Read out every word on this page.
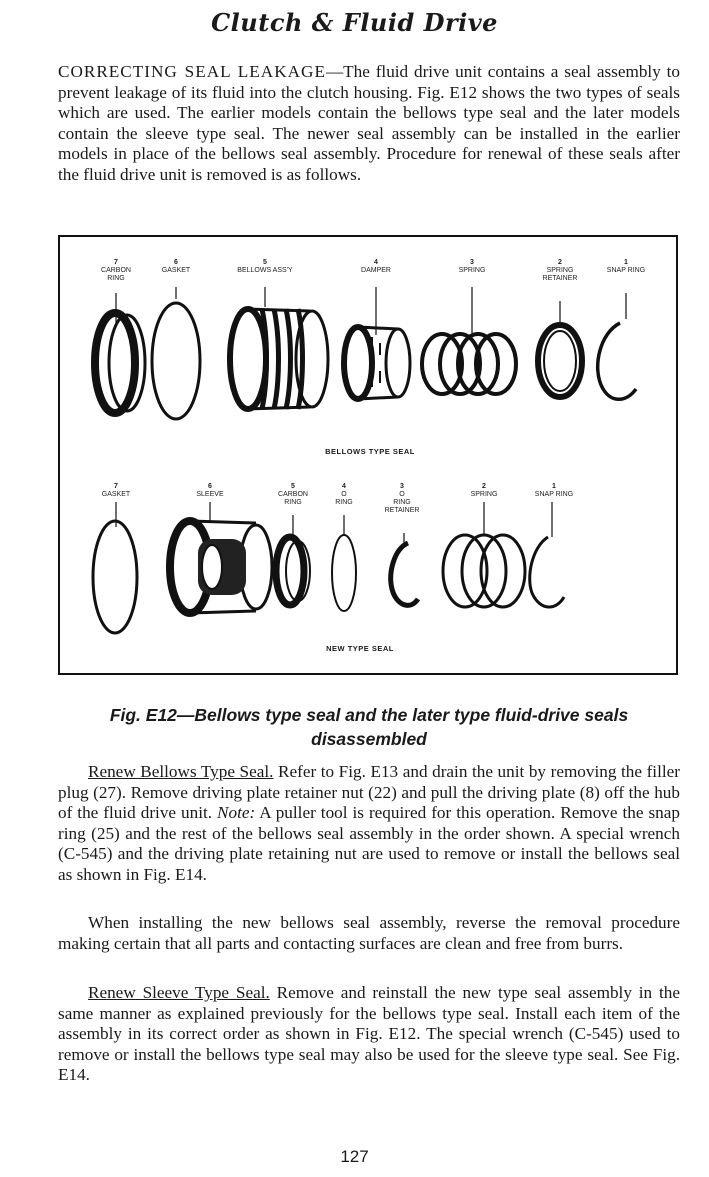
Clutch & Fluid Drive

CORRECTING SEAL LEAKAGE—The fluid drive unit contains a seal assembly to prevent leakage of its fluid into the clutch housing. Fig. E12 shows the two types of seals which are used. The earlier models contain the bellows type seal and the later models contain the sleeve type seal. The newer seal assembly can be installed in the earlier models in place of the bellows seal assembly. Procedure for renewal of these seals after the fluid drive unit is removed is as follows.

7
CARBON
RING
6
GASKET
5
BELLOWS ASS'Y
4
DAMPER
3
SPRING
2
SPRING
RETAINER
1
SNAP RING
BELLOWS TYPE SEAL
7
GASKET
6
SLEEVE
5
CARBON
RING
4
O
RING
3
O
RING
RETAINER
2
SPRING
1
SNAP RING
NEW TYPE SEAL
Fig. E12—Bellows type seal and the later type fluid-drive seals disassembled

Renew Bellows Type Seal. Refer to Fig. E13 and drain the unit by removing the filler plug (27). Remove driving plate retainer nut (22) and pull the driving plate (8) off the hub of the fluid drive unit. Note: A puller tool is required for this operation. Remove the snap ring (25) and the rest of the bellows seal assembly in the order shown. A special wrench (C-545) and the driving plate retaining nut are used to remove or install the bellows seal as shown in Fig. E14.

When installing the new bellows seal assembly, reverse the removal procedure making certain that all parts and contacting surfaces are clean and free from burrs.

Renew Sleeve Type Seal. Remove and reinstall the new type seal assembly in the same manner as explained previously for the bellows type seal. Install each item of the assembly in its correct order as shown in Fig. E12. The special wrench (C-545) used to remove or install the bellows type seal may also be used for the sleeve type seal. See Fig. E14.

127
